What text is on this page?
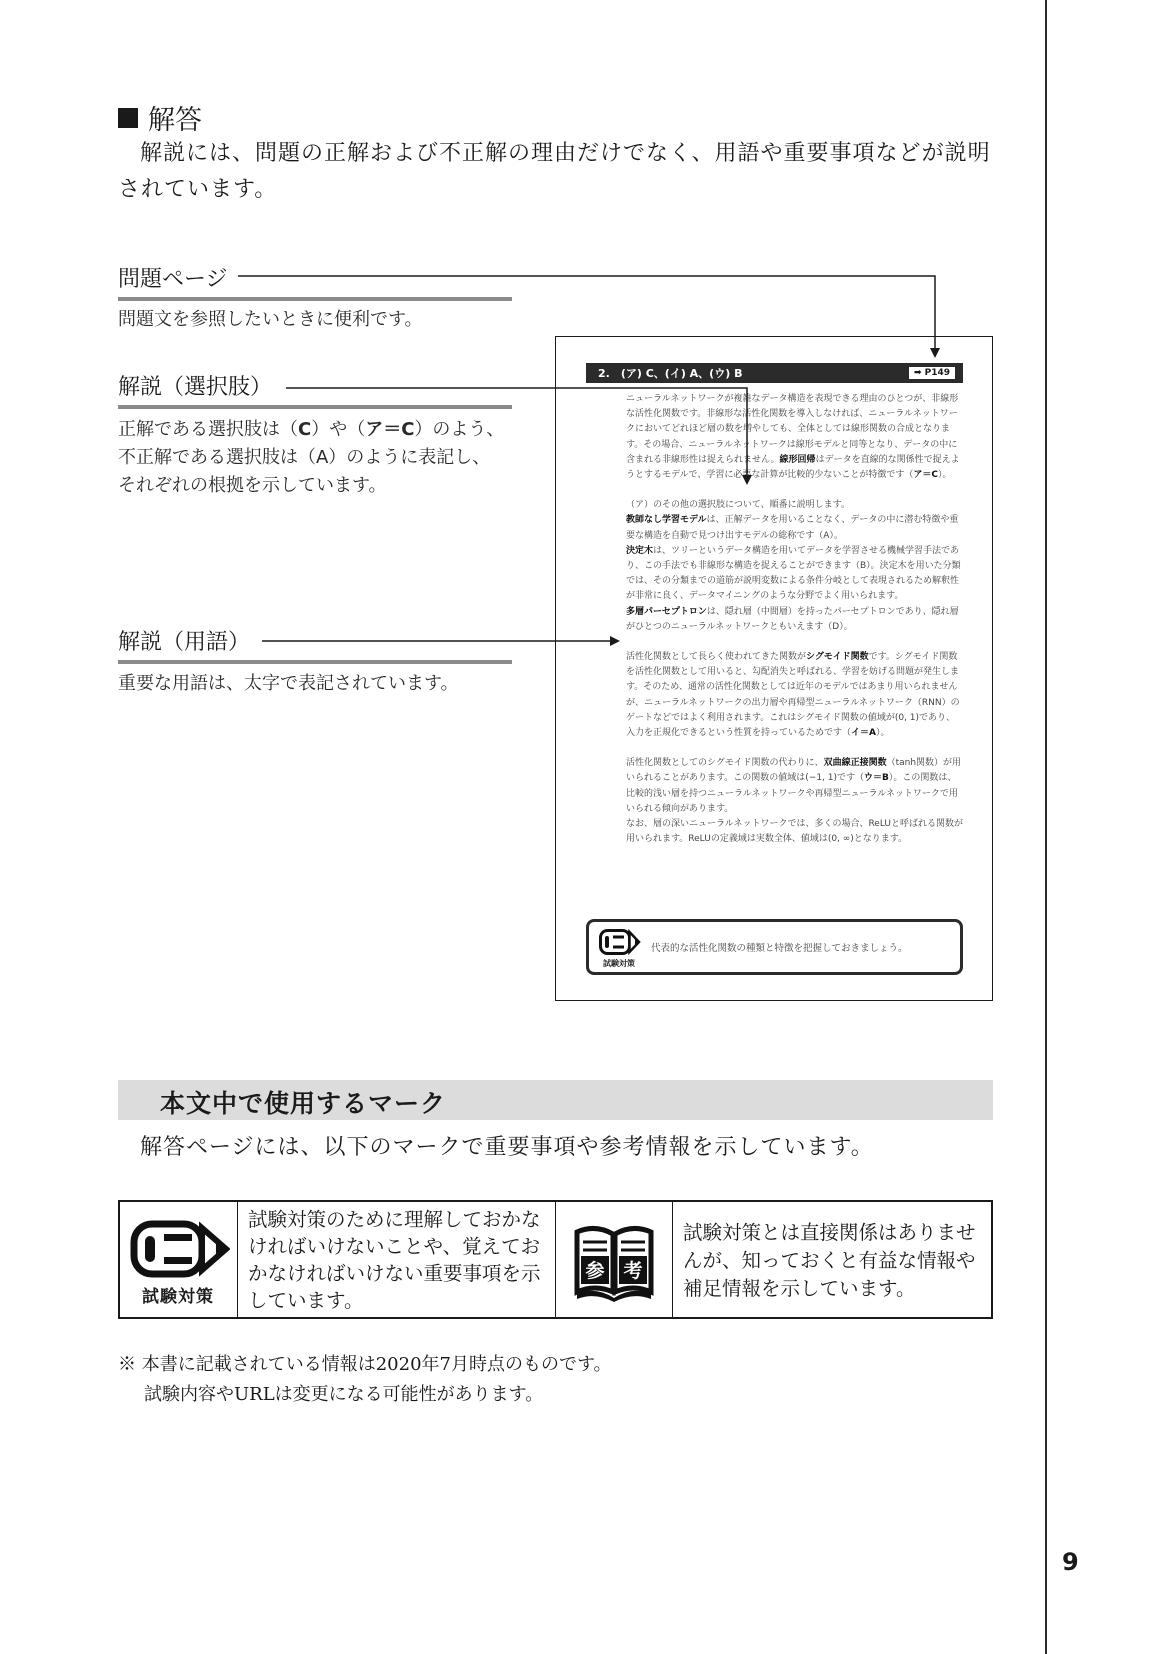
解答
解説には、問題の正解および不正解の理由だけでなく、用語や重要事項などが説明されています。
問題ページ
問題文を参照したいときに便利です。
解説（選択肢）
正解である選択肢は（C）や（ア＝C）のよう、
不正解である選択肢は（A）のように表記し、
それぞれの根拠を示しています。
解説（用語）
重要な用語は、太字で表記されています。
2.　(ア) C、(イ) A、(ウ) B	➡ P149

ニューラルネットワークが複雑なデータ構造を表現できる理由のひとつが、非線形な活性化関数です。非線形な活性化関数を導入しなければ、ニューラルネットワークにおいてどれほど層の数を増やしても、全体としては線形関数の合成となります。その場合、ニューラルネットワークは線形モデルと同等となり、データの中に含まれる非線形性は捉えられません。線形回帰はデータを直線的な関係性で捉えようとするモデルで、学習に必要な計算が比較的少ないことが特徴です（ア＝C）。

（ア）のその他の選択肢について、順番に説明します。
教師なし学習モデルは、正解データを用いることなく、データの中に潜む特徴や重要な構造を自動で見つけ出すモデルの総称です（A）。
決定木は、ツリーというデータ構造を用いてデータを学習させる機械学習手法であり、この手法でも非線形な構造を捉えることができます（B）。決定木を用いた分類では、その分類までの道筋が説明変数による条件分岐として表現されるため解釈性が非常に良く、データマイニングのような分野でよく用いられます。
多層パーセプトロンは、隠れ層（中間層）を持ったパーセプトロンであり、隠れ層がひとつのニューラルネットワークともいえます（D）。

活性化関数として長らく使われてきた関数がシグモイド関数です。シグモイド関数を活性化関数として用いると、勾配消失と呼ばれる、学習を妨げる問題が発生します。そのため、通常の活性化関数としては近年のモデルではあまり用いられませんが、ニューラルネットワークの出力層や再帰型ニューラルネットワーク（RNN）のゲートなどではよく利用されます。これはシグモイド関数の値域が(0, 1)であり、入力を正規化できるという性質を持っているためです（イ＝A）。

活性化関数としてのシグモイド関数の代わりに、双曲線正接関数（tanh関数）が用いられることがあります。この関数の値域は(−1, 1)です（ウ＝B）。この関数は、比較的浅い層を持つニューラルネットワークや再帰型ニューラルネットワークで用いられる傾向があります。

なお、層の深いニューラルネットワークでは、多くの場合、ReLUと呼ばれる関数が用いられます。ReLUの定義域は実数全体、値域は(0, ∞)となります。

試験対策
代表的な活性化関数の種類と特徴を把握しておきましょう。
本文中で使用するマーク
解答ページには、以下のマークで重要事項や参考情報を示しています。
試験対策
試験対策のために理解しておかなければいけないことや、覚えておかなければいけない重要事項を示しています。
参 考
試験対策とは直接関係はありませんが、知っておくと有益な情報や補足情報を示しています。
※ 本書に記載されている情報は2020年7月時点のものです。
試験内容やURLは変更になる可能性があります。
9
